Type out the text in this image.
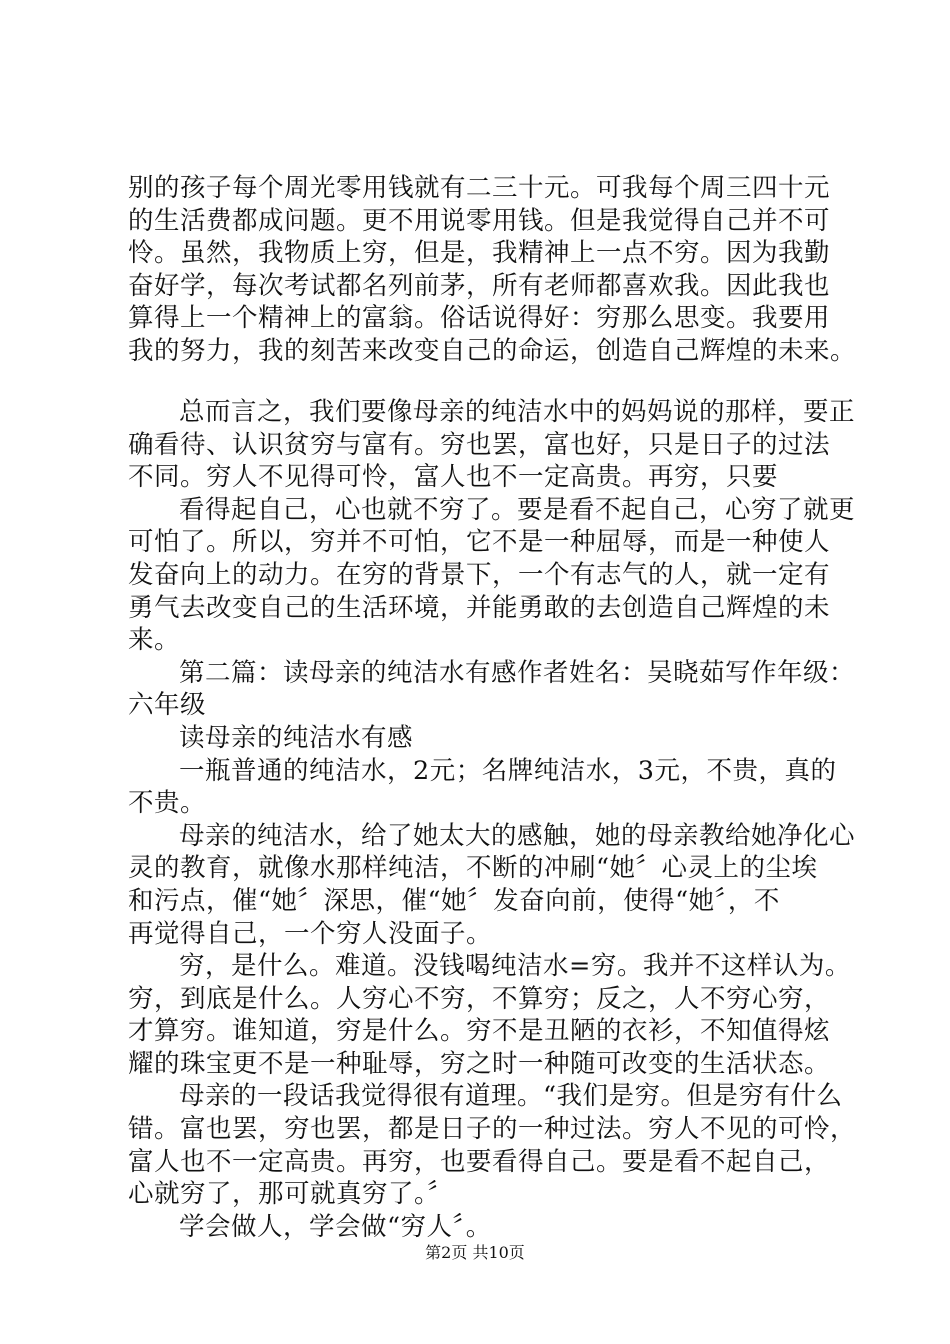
别的孩子每个周光零用钱就有二三十元。可我每个周三四十元
的生活费都成问题。更不用说零用钱。但是我觉得自己并不可
怜。虽然，我物质上穷，但是，我精神上一点不穷。因为我勤
奋好学，每次考试都名列前茅，所有老师都喜欢我。因此我也
算得上一个精神上的富翁。俗话说得好：穷那么思变。我要用
我的努力，我的刻苦来改变自己的命运，创造自己辉煌的未来。
总而言之，我们要像母亲的纯洁水中的妈妈说的那样，要正
确看待、认识贫穷与富有。穷也罢，富也好，只是日子的过法
不同。穷人不见得可怜，富人也不一定高贵。再穷，只要
看得起自己，心也就不穷了。要是看不起自己，心穷了就更
可怕了。所以，穷并不可怕，它不是一种屈辱，而是一种使人
发奋向上的动力。在穷的背景下，一个有志气的人，就一定有
勇气去改变自己的生活环境，并能勇敢的去创造自己辉煌的未
来。
第二篇：读母亲的纯洁水有感作者姓名：吴晓茹写作年级：
六年级
读母亲的纯洁水有感
一瓶普通的纯洁水，2元；名牌纯洁水，3元，不贵，真的
不贵。
母亲的纯洁水，给了她太大的感触，她的母亲教给她净化心
灵的教育，就像水那样纯洁，不断的冲刷“她〞心灵上的尘埃
和污点，催“她〞深思，催“她〞发奋向前，使得“她〞，不
再觉得自己，一个穷人没面子。
穷，是什么。难道。没钱喝纯洁水=穷。我并不这样认为。
穷，到底是什么。人穷心不穷，不算穷；反之，人不穷心穷，
才算穷。谁知道，穷是什么。穷不是丑陋的衣衫，不知值得炫
耀的珠宝更不是一种耻辱，穷之时一种随可改变的生活状态。
母亲的一段话我觉得很有道理。“我们是穷。但是穷有什么
错。富也罢，穷也罢，都是日子的一种过法。穷人不见的可怜，
富人也不一定高贵。再穷，也要看得自己。要是看不起自己，
心就穷了，那可就真穷了。〞
学会做人，学会做“穷人〞。
第2页 共10页
